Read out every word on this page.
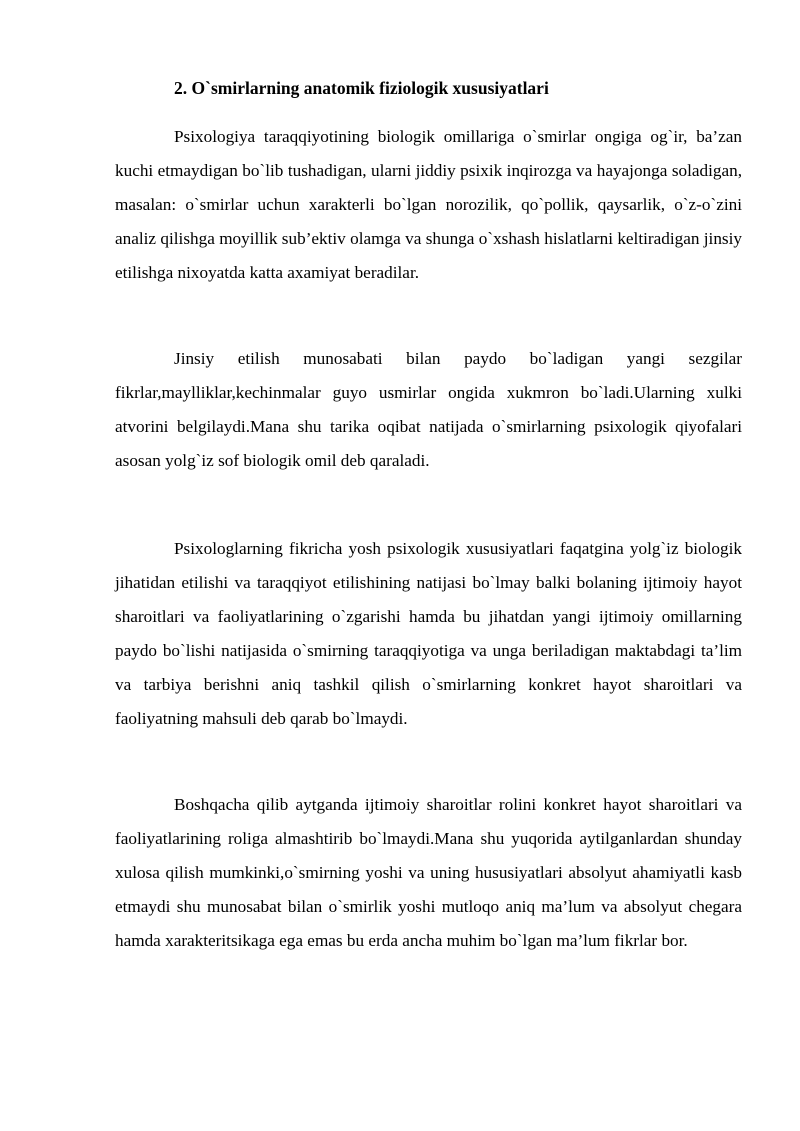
2. O`smirlarning anatomik fiziologik xususiyatlari

Psixologiya taraqqiyotining biologik omillariga o`smirlar ongiga og`ir, ba’zan kuchi etmaydigan bo`lib tushadigan, ularni jiddiy psixik inqirozga va hayajonga soladigan, masalan: o`smirlar uchun xarakterli bo`lgan norozilik, qo`pollik, qaysarlik, o`z-o`zini analiz qilishga moyillik sub’ektiv olamga va shunga o`xshash hislatlarni keltiradigan jinsiy etilishga nixoyatda katta axamiyat beradilar.

Jinsiy etilish munosabati bilan paydo bo`ladigan yangi sezgilar fikrlar,maylliklar,kechinmalar guyo usmirlar ongida xukmron bo`ladi.Ularning xulki atvorini belgilaydi.Mana shu tarika oqibat natijada o`smirlarning psixologik qiyofalari asosan yolg`iz sof biologik omil deb qaraladi.

Psixologlarning fikricha yosh psixologik xususiyatlari faqatgina yolg`iz biologik jihatidan etilishi va taraqqiyot etilishining natijasi bo`lmay balki bolaning ijtimoiy hayot sharoitlari va faoliyatlarining o`zgarishi hamda bu jihatdan yangi ijtimoiy omillarning paydo bo`lishi natijasida o`smirning taraqqiyotiga va unga beriladigan maktabdagi ta’lim va tarbiya berishni aniq tashkil qilish o`smirlarning konkret hayot sharoitlari va faoliyatning mahsuli deb qarab bo`lmaydi.

Boshqacha qilib aytganda ijtimoiy sharoitlar rolini konkret hayot sharoitlari va faoliyatlarining roliga almashtirib bo`lmaydi.Mana shu yuqorida aytilganlardan shunday xulosa qilish mumkinki,o`smirning yoshi va uning hususiyatlari absolyut ahamiyatli kasb etmaydi shu munosabat bilan o`smirlik yoshi mutloqo aniq ma’lum va absolyut chegara hamda xarakteritsikaga ega emas bu erda ancha muhim bo`lgan ma’lum fikrlar bor.
